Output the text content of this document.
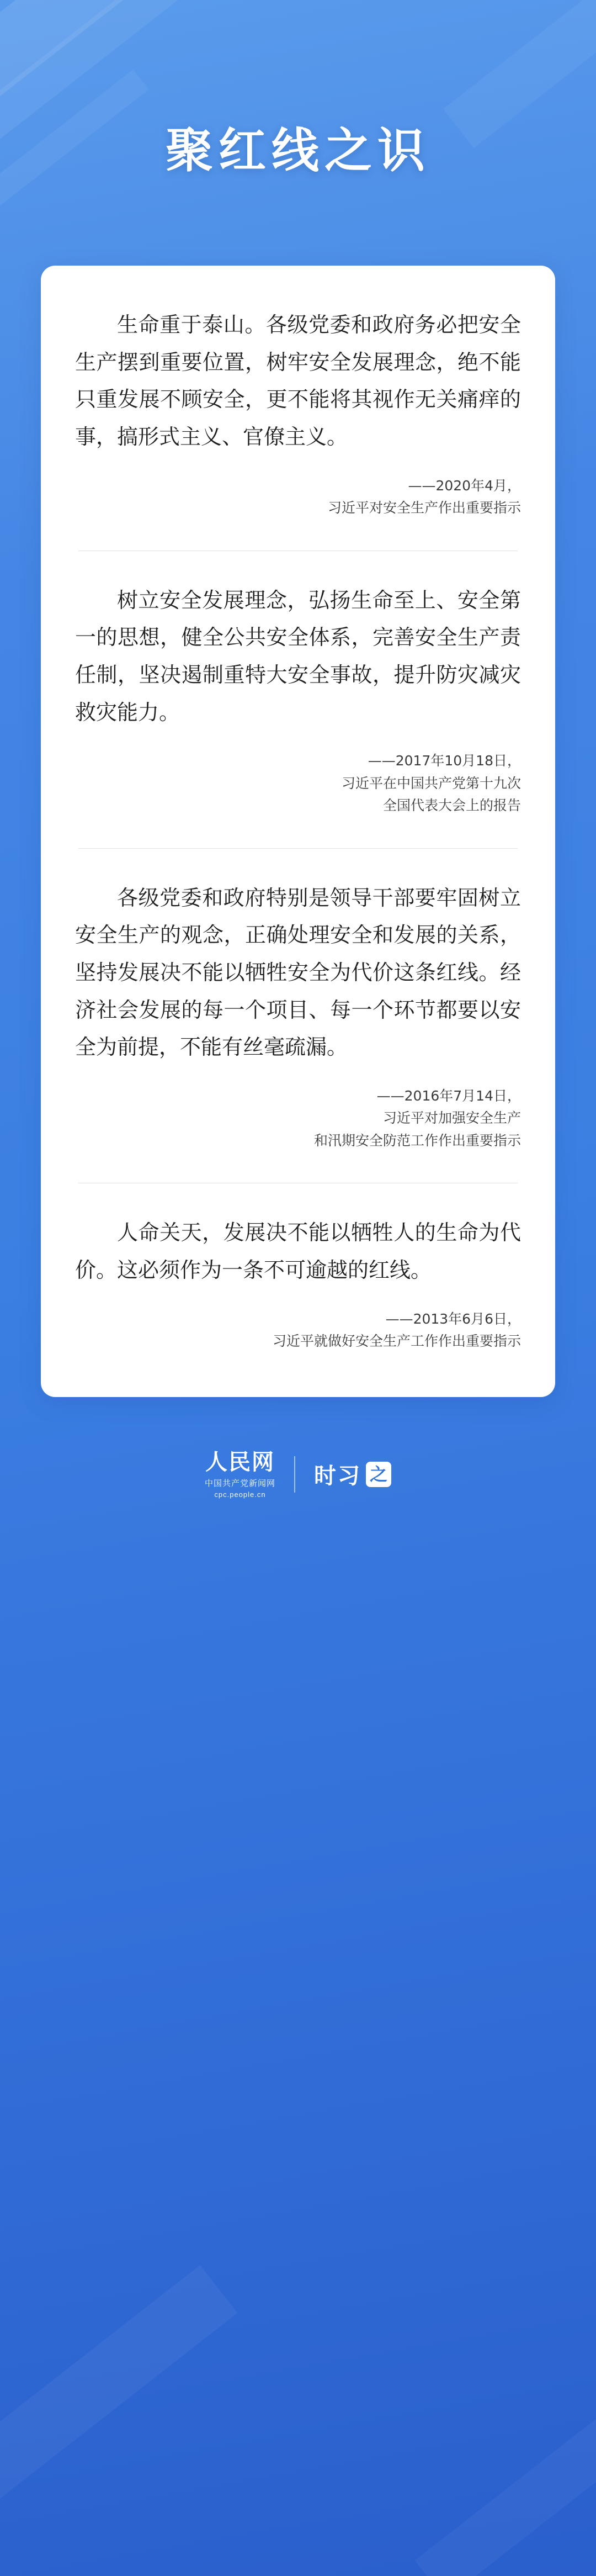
聚红线之识

生命重于泰山。各级党委和政府务必把安全生产摆到重要位置，树牢安全发展理念，绝不能只重发展不顾安全，更不能将其视作无关痛痒的事，搞形式主义、官僚主义。

——2020年4月，
习近平对安全生产作出重要指示

树立安全发展理念，弘扬生命至上、安全第一的思想，健全公共安全体系，完善安全生产责任制，坚决遏制重特大安全事故，提升防灾减灾救灾能力。

——2017年10月18日，
习近平在中国共产党第十九次
全国代表大会上的报告

各级党委和政府特别是领导干部要牢固树立安全生产的观念，正确处理安全和发展的关系，坚持发展决不能以牺牲安全为代价这条红线。经济社会发展的每一个项目、每一个环节都要以安全为前提，不能有丝毫疏漏。

——2016年7月14日，
习近平对加强安全生产
和汛期安全防范工作作出重要指示

人命关天，发展决不能以牺牲人的生命为代价。这必须作为一条不可逾越的红线。

——2013年6月6日，
习近平就做好安全生产工作作出重要指示
人民网
中国共产党新闻网
cpc.people.cn
时习 之
